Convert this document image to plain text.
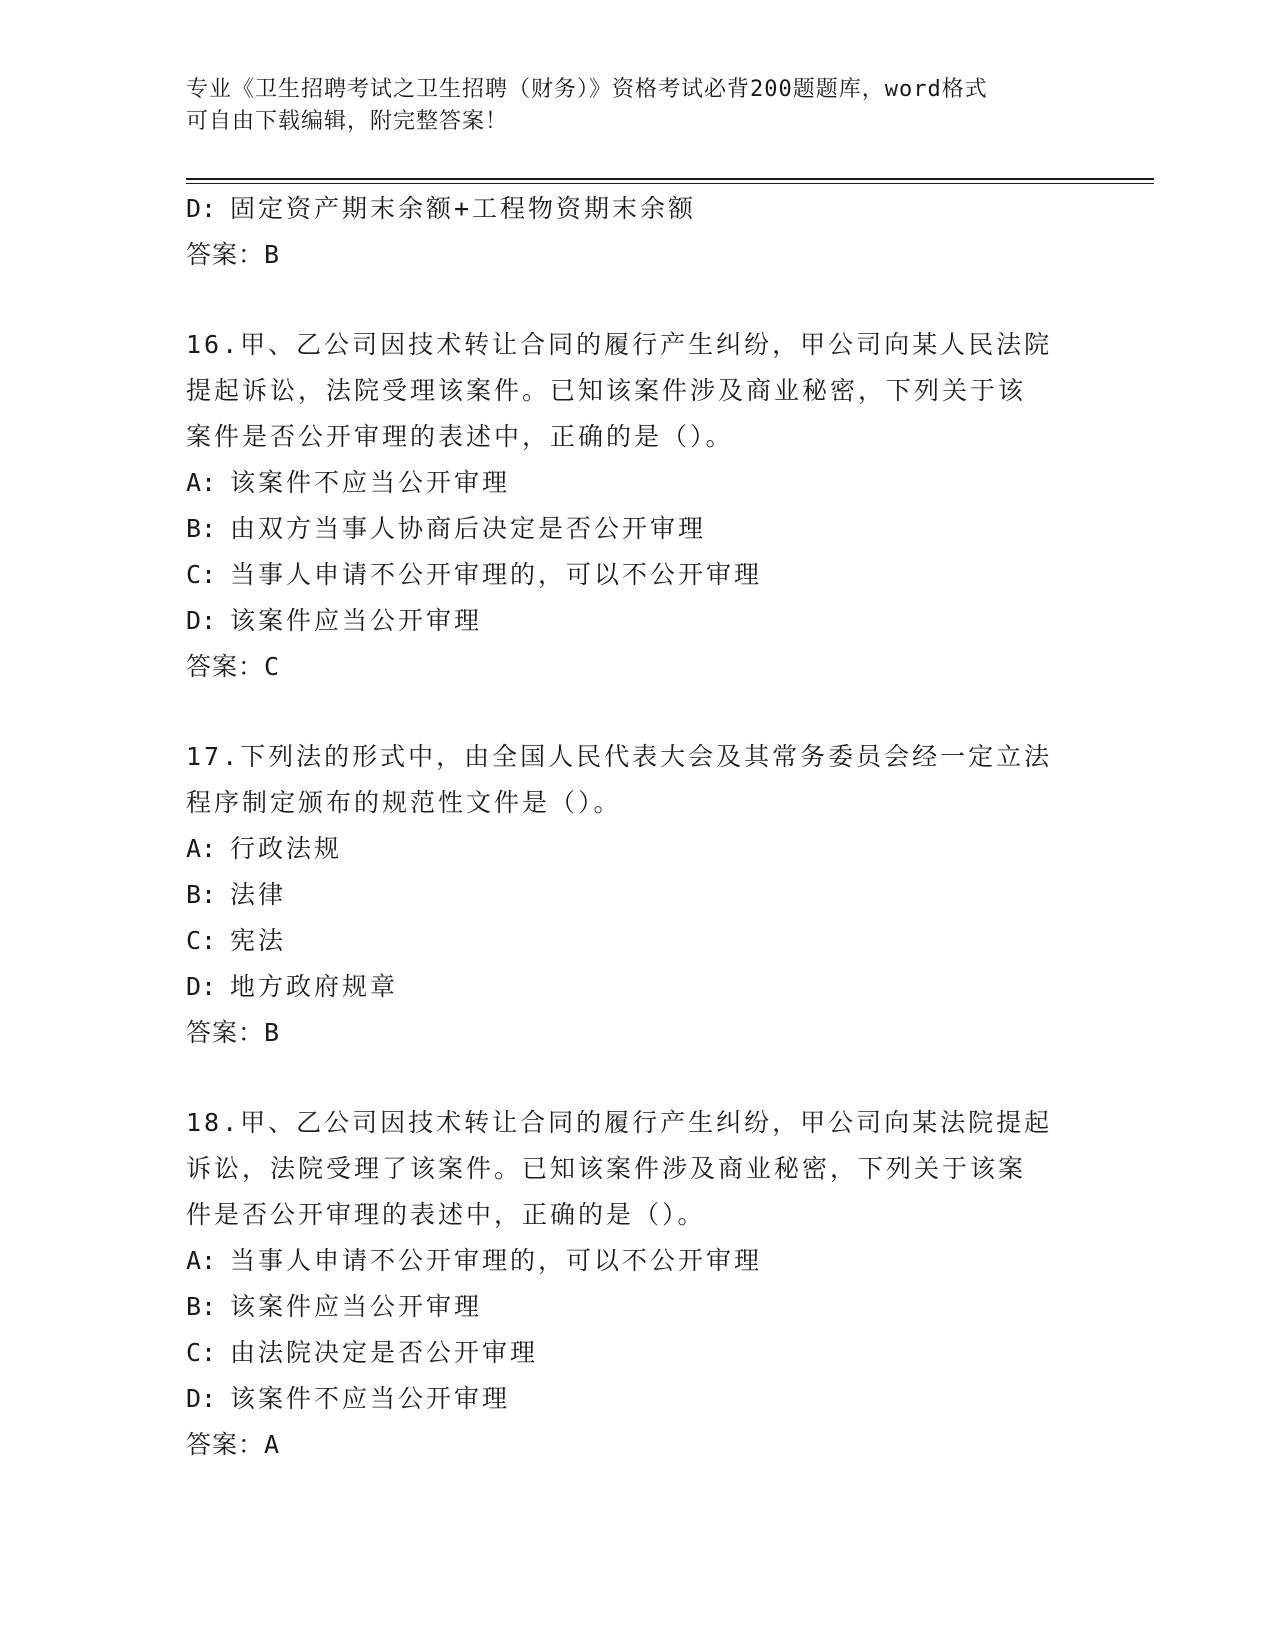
专业《卫生招聘考试之卫生招聘（财务）》资格考试必背200题题库，word格式
可自由下载编辑，附完整答案！
D: 固定资产期末余额+工程物资期末余额
答案：B
16.甲、乙公司因技术转让合同的履行产生纠纷，甲公司向某人民法院
提起诉讼，法院受理该案件。已知该案件涉及商业秘密，下列关于该
案件是否公开审理的表述中，正确的是（）。
A: 该案件不应当公开审理
B: 由双方当事人协商后决定是否公开审理
C: 当事人申请不公开审理的，可以不公开审理
D: 该案件应当公开审理
答案：C
17.下列法的形式中，由全国人民代表大会及其常务委员会经一定立法
程序制定颁布的规范性文件是（）。
A: 行政法规
B: 法律
C: 宪法
D: 地方政府规章
答案：B
18.甲、乙公司因技术转让合同的履行产生纠纷，甲公司向某法院提起
诉讼，法院受理了该案件。已知该案件涉及商业秘密，下列关于该案
件是否公开审理的表述中，正确的是（）。
A: 当事人申请不公开审理的，可以不公开审理
B: 该案件应当公开审理
C: 由法院决定是否公开审理
D: 该案件不应当公开审理
答案：A
